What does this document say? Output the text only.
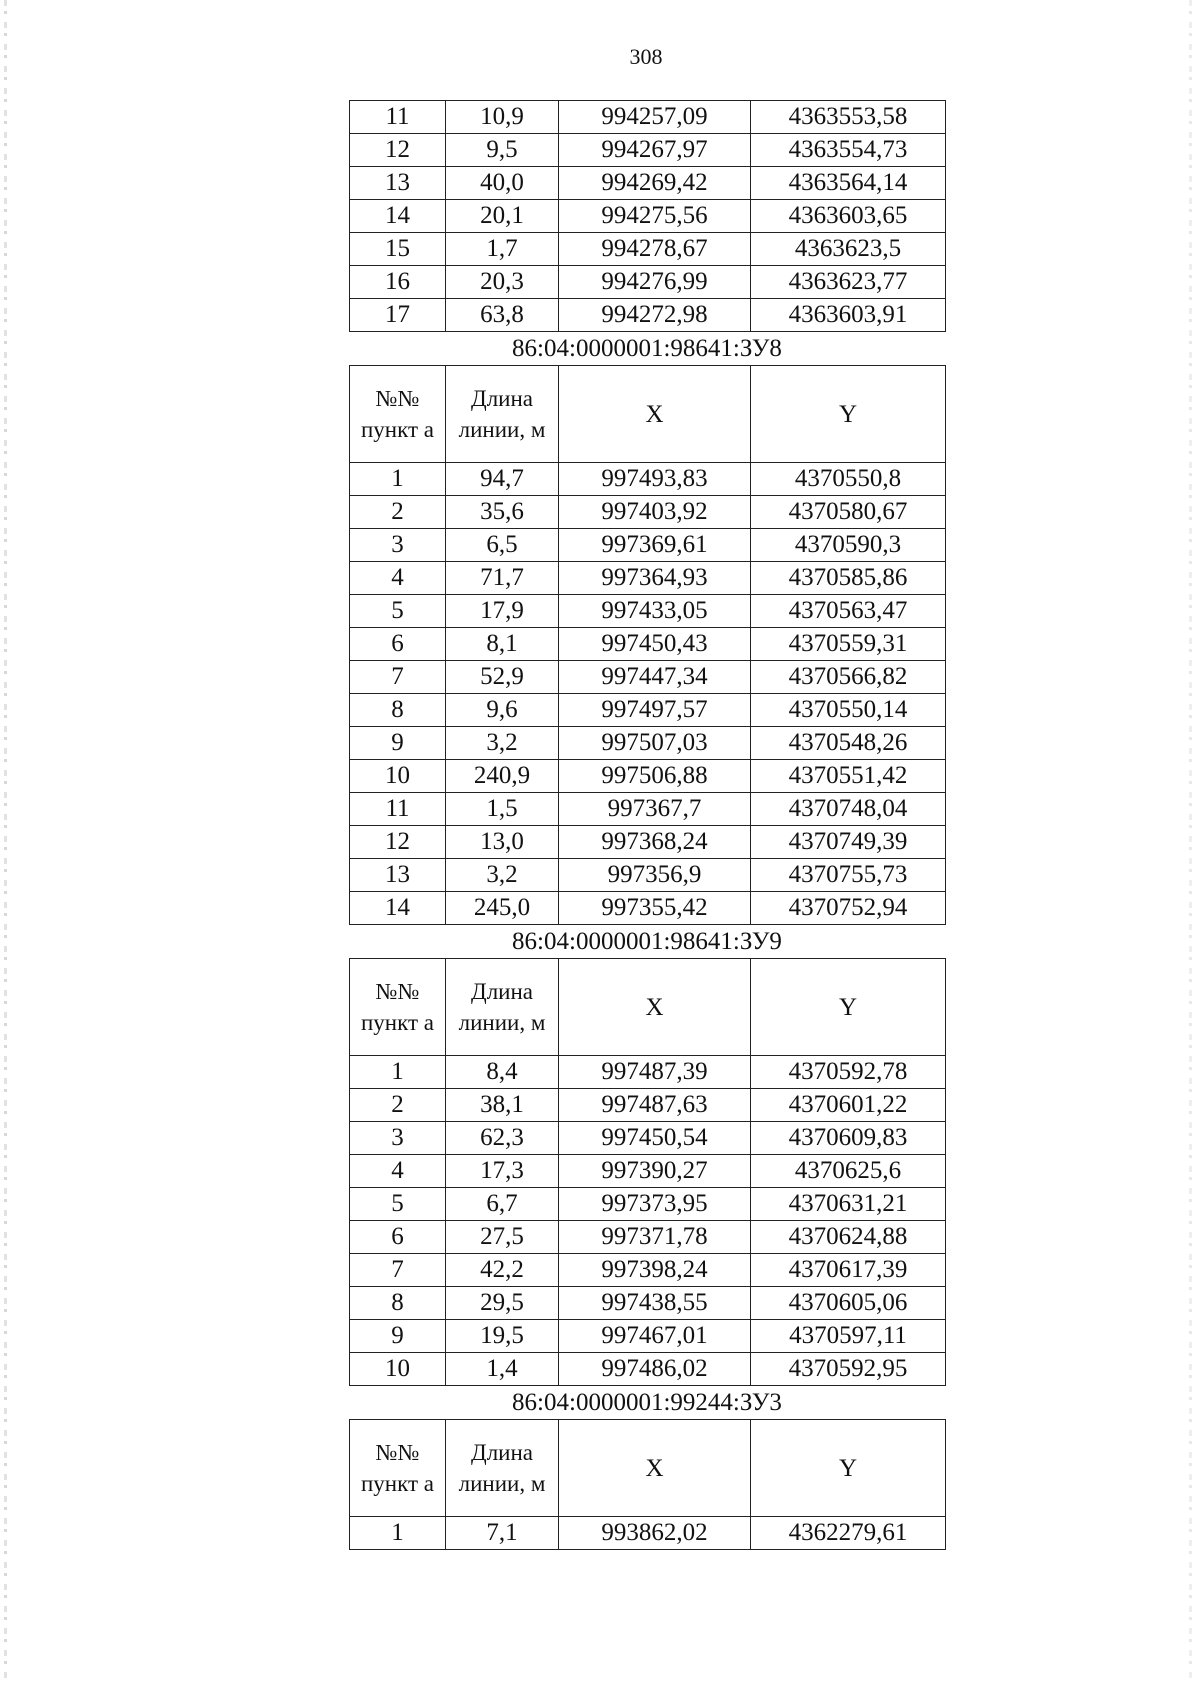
308
11	10,9	994257,09	4363553,58
12	9,5	994267,97	4363554,73
13	40,0	994269,42	4363564,14
14	20,1	994275,56	4363603,65
15	1,7	994278,67	4363623,5
16	20,3	994276,99	4363623,77
17	63,8	994272,98	4363603,91
86:04:0000001:98641:ЗУ8
№№ пункт а	Длина линии, м	X	Y
1	94,7	997493,83	4370550,8
2	35,6	997403,92	4370580,67
3	6,5	997369,61	4370590,3
4	71,7	997364,93	4370585,86
5	17,9	997433,05	4370563,47
6	8,1	997450,43	4370559,31
7	52,9	997447,34	4370566,82
8	9,6	997497,57	4370550,14
9	3,2	997507,03	4370548,26
10	240,9	997506,88	4370551,42
11	1,5	997367,7	4370748,04
12	13,0	997368,24	4370749,39
13	3,2	997356,9	4370755,73
14	245,0	997355,42	4370752,94
86:04:0000001:98641:ЗУ9
№№ пункт а	Длина линии, м	X	Y
1	8,4	997487,39	4370592,78
2	38,1	997487,63	4370601,22
3	62,3	997450,54	4370609,83
4	17,3	997390,27	4370625,6
5	6,7	997373,95	4370631,21
6	27,5	997371,78	4370624,88
7	42,2	997398,24	4370617,39
8	29,5	997438,55	4370605,06
9	19,5	997467,01	4370597,11
10	1,4	997486,02	4370592,95
86:04:0000001:99244:ЗУ3
№№ пункт а	Длина линии, м	X	Y
1	7,1	993862,02	4362279,61
